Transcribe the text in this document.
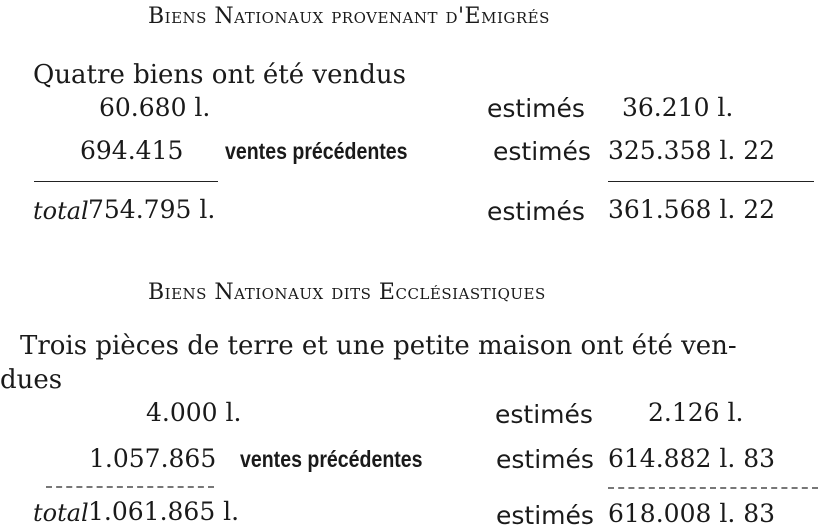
Biens Nationaux provenant d'Emigrés
Quatre biens ont été vendus
60.680 l.	estimés 36.210 l.
694.415 ventes précédentes	estimés 325.358 l. 22
total 754.795 l.	estimés 361.568 l. 22
Biens Nationaux dits Ecclésiastiques
Trois pièces de terre et une petite maison ont été ven-
dues
4.000 l.	estimés 2.126 l.
1.057.865 ventes précédentes	estimés 614.882 l. 83
total 1.061.865 l.	estimés 618.008 l. 83
